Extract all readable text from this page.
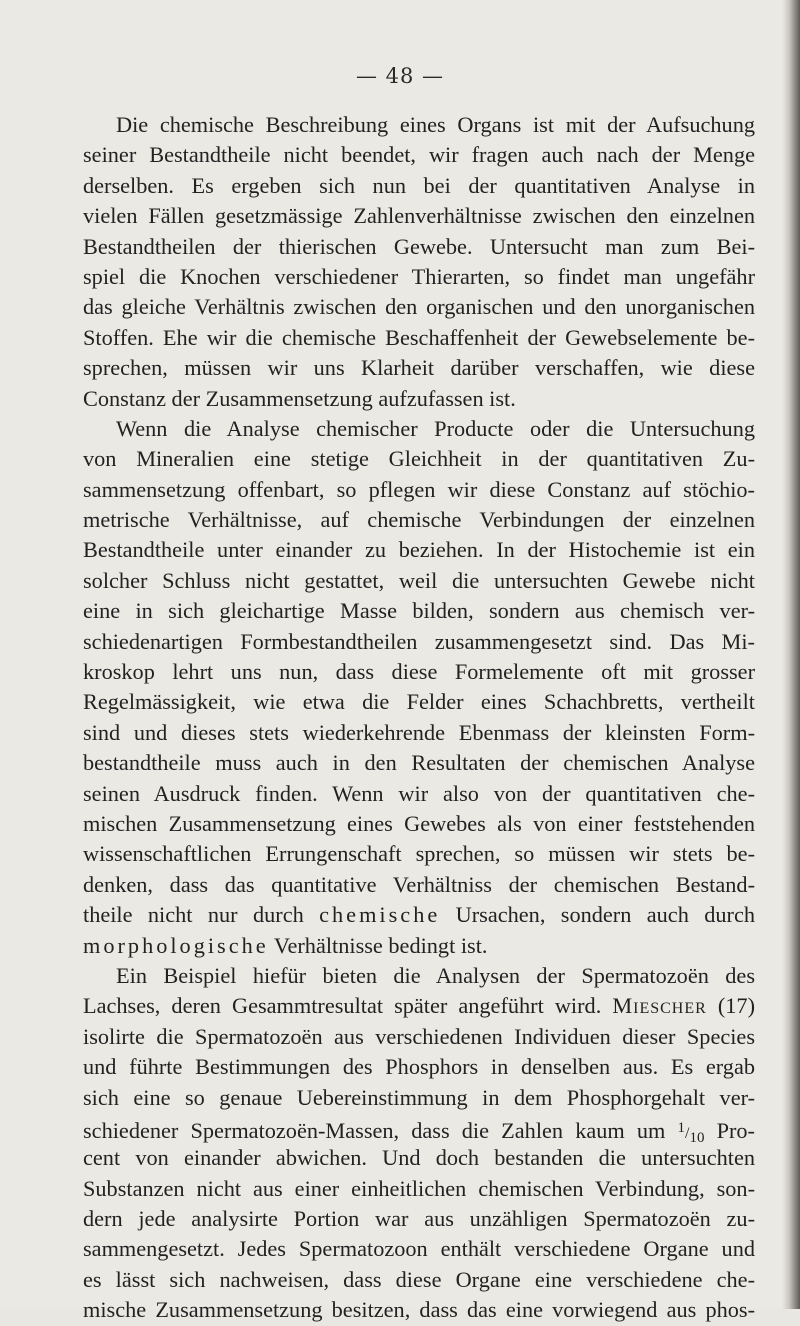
— 48 —
Die chemische Beschreibung eines Organs ist mit der Aufsuchung
seiner Bestandtheile nicht beendet, wir fragen auch nach der Menge
derselben. Es ergeben sich nun bei der quantitativen Analyse in
vielen Fällen gesetzmässige Zahlenverhältnisse zwischen den einzelnen
Bestandtheilen der thierischen Gewebe. Untersucht man zum Bei-
spiel die Knochen verschiedener Thierarten, so findet man ungefähr
das gleiche Verhältnis zwischen den organischen und den unorganischen
Stoffen. Ehe wir die chemische Beschaffenheit der Gewebselemente be-
sprechen, müssen wir uns Klarheit darüber verschaffen, wie diese
Constanz der Zusammensetzung aufzufassen ist.
Wenn die Analyse chemischer Producte oder die Untersuchung
von Mineralien eine stetige Gleichheit in der quantitativen Zu-
sammensetzung offenbart, so pflegen wir diese Constanz auf stöchio-
metrische Verhältnisse, auf chemische Verbindungen der einzelnen
Bestandtheile unter einander zu beziehen. In der Histochemie ist ein
solcher Schluss nicht gestattet, weil die untersuchten Gewebe nicht
eine in sich gleichartige Masse bilden, sondern aus chemisch ver-
schiedenartigen Formbestandtheilen zusammengesetzt sind. Das Mi-
kroskop lehrt uns nun, dass diese Formelemente oft mit grosser
Regelmässigkeit, wie etwa die Felder eines Schachbretts, vertheilt
sind und dieses stets wiederkehrende Ebenmass der kleinsten Form-
bestandtheile muss auch in den Resultaten der chemischen Analyse
seinen Ausdruck finden. Wenn wir also von der quantitativen che-
mischen Zusammensetzung eines Gewebes als von einer feststehenden
wissenschaftlichen Errungenschaft sprechen, so müssen wir stets be-
denken, dass das quantitative Verhältniss der chemischen Bestand-
theile nicht nur durch chemische Ursachen, sondern auch durch
morphologische Verhältnisse bedingt ist.
Ein Beispiel hiefür bieten die Analysen der Spermatozoën des
Lachses, deren Gesammtresultat später angeführt wird. Miescher (17)
isolirte die Spermatozoën aus verschiedenen Individuen dieser Species
und führte Bestimmungen des Phosphors in denselben aus. Es ergab
sich eine so genaue Uebereinstimmung in dem Phosphorgehalt ver-
schiedener Spermatozoën-Massen, dass die Zahlen kaum um $^1/_{10}$ Pro-
cent von einander abwichen. Und doch bestanden die untersuchten
Substanzen nicht aus einer einheitlichen chemischen Verbindung, son-
dern jede analysirte Portion war aus unzähligen Spermatozoën zu-
sammengesetzt. Jedes Spermatozoon enthält verschiedene Organe und
es lässt sich nachweisen, dass diese Organe eine verschiedene che-
mische Zusammensetzung besitzen, dass das eine vorwiegend aus phos-
